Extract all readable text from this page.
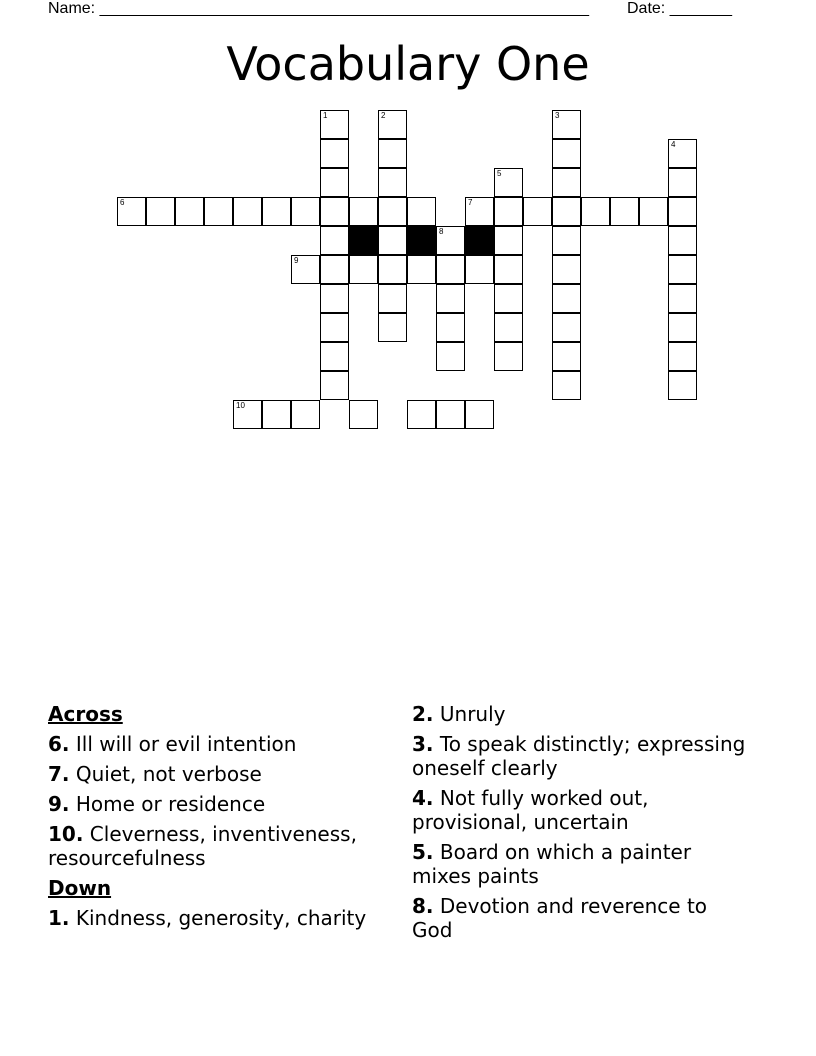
Name: _______________________________________________________ Date: _______
Vocabulary One
1	2	3
4
5
6	7
8
9
10
Across
6. Ill will or evil intention
7. Quiet, not verbose
9. Home or residence
10. Cleverness, inventiveness, resourcefulness
Down
1. Kindness, generosity, charity
2. Unruly
3. To speak distinctly; expressing oneself clearly
4. Not fully worked out, provisional, uncertain
5. Board on which a painter mixes paints
8. Devotion and reverence to God
